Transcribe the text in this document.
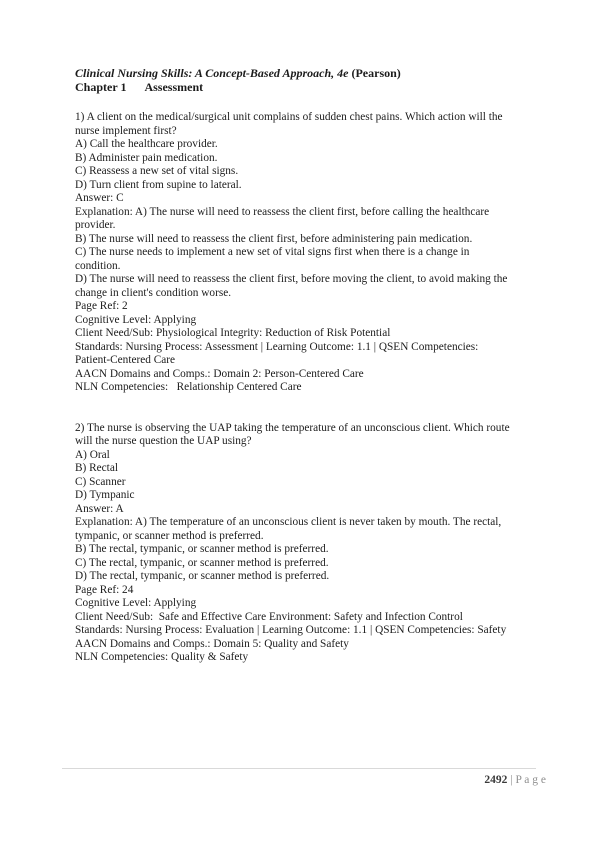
Clinical Nursing Skills: A Concept-Based Approach, 4e (Pearson)
Chapter 1 Assessment
1) A client on the medical/surgical unit complains of sudden chest pains. Which action will the
nurse implement first?
A) Call the healthcare provider.
B) Administer pain medication.
C) Reassess a new set of vital signs.
D) Turn client from supine to lateral.
Answer: C
Explanation: A) The nurse will need to reassess the client first, before calling the healthcare
provider.
B) The nurse will need to reassess the client first, before administering pain medication.
C) The nurse needs to implement a new set of vital signs first when there is a change in
condition.
D) The nurse will need to reassess the client first, before moving the client, to avoid making the
change in client's condition worse.
Page Ref: 2
Cognitive Level: Applying
Client Need/Sub: Physiological Integrity: Reduction of Risk Potential
Standards: Nursing Process: Assessment | Learning Outcome: 1.1 | QSEN Competencies:
Patient-Centered Care
AACN Domains and Comps.: Domain 2: Person-Centered Care
NLN Competencies:   Relationship Centered Care
2) The nurse is observing the UAP taking the temperature of an unconscious client. Which route
will the nurse question the UAP using?
A) Oral
B) Rectal
C) Scanner
D) Tympanic
Answer: A
Explanation: A) The temperature of an unconscious client is never taken by mouth. The rectal,
tympanic, or scanner method is preferred.
B) The rectal, tympanic, or scanner method is preferred.
C) The rectal, tympanic, or scanner method is preferred.
D) The rectal, tympanic, or scanner method is preferred.
Page Ref: 24
Cognitive Level: Applying
Client Need/Sub:  Safe and Effective Care Environment: Safety and Infection Control
Standards: Nursing Process: Evaluation | Learning Outcome: 1.1 | QSEN Competencies: Safety
AACN Domains and Comps.: Domain 5: Quality and Safety
NLN Competencies: Quality & Safety
2492 | P a g e
